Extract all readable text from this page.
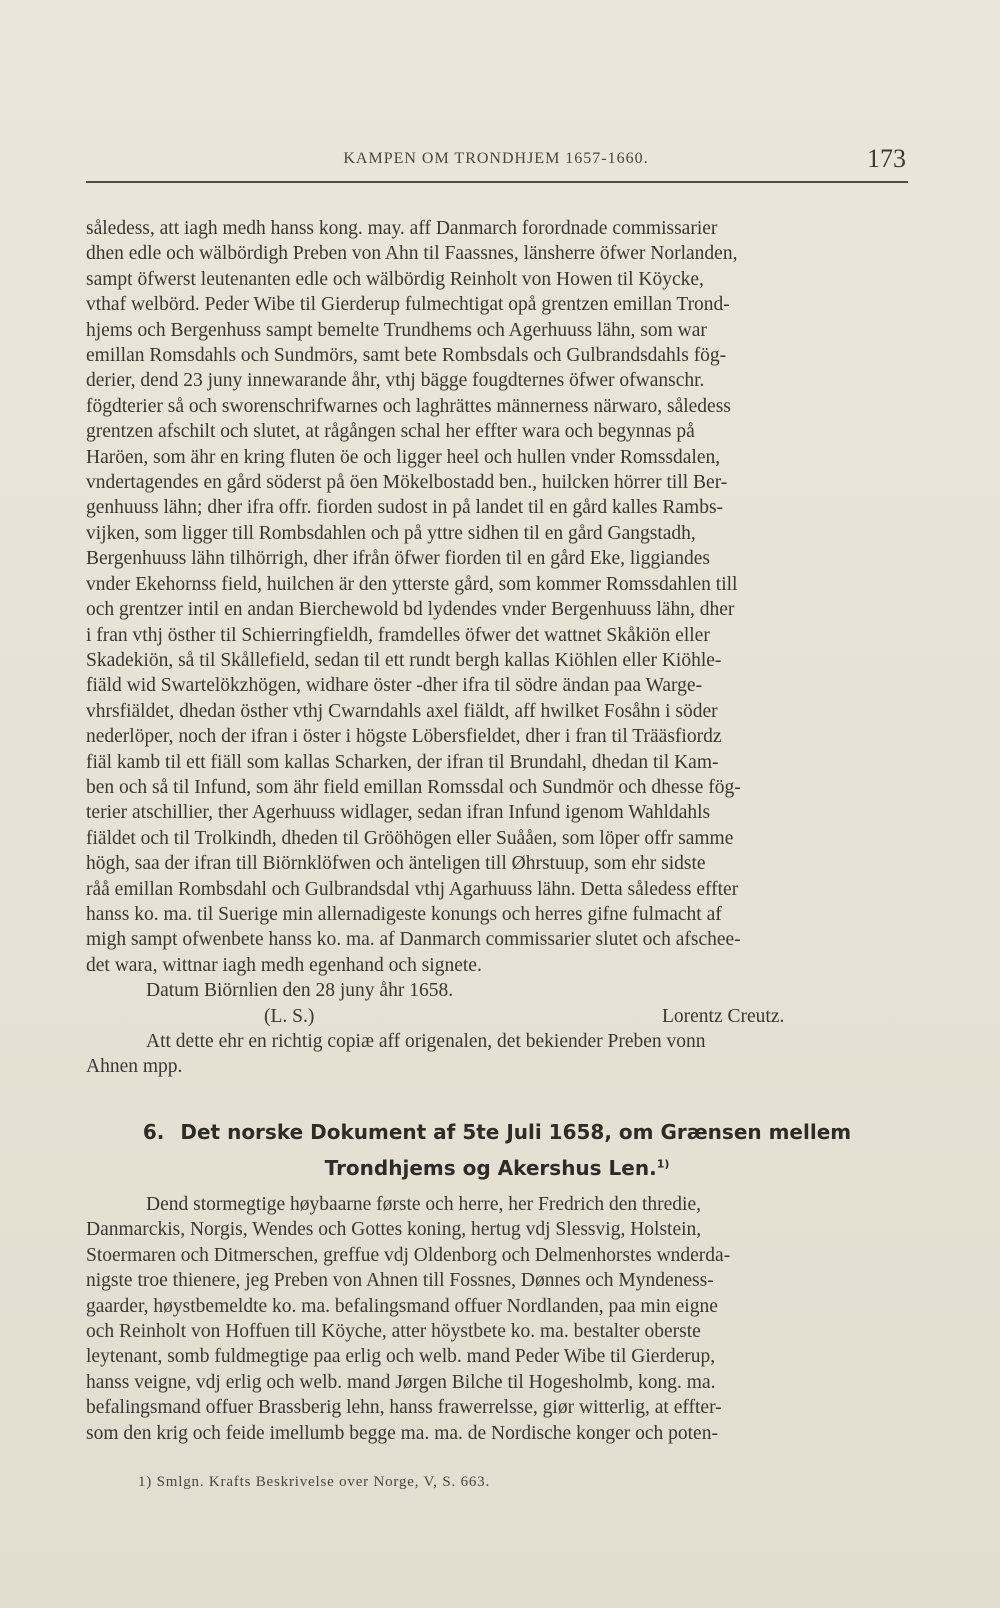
KAMPEN OM TRONDHJEM 1657-1660.	173

såledess, att iagh medh hanss kong. may. aff Danmarch forordnade commissarier
dhen edle och wälbördigh Preben von Ahn til Faassnes, länsherre öfwer Norlanden,
sampt öfwerst leutenanten edle och wälbördig Reinholt von Howen til Köycke,
vthaf welbörd. Peder Wibe til Gierderup fulmechtigat opå grentzen emillan Trond-
hjems och Bergenhuss sampt bemelte Trundhems och Agerhuuss lähn, som war
emillan Romsdahls och Sundmörs, samt bete Rombsdals och Gulbrandsdahls fög-
derier, dend 23 juny innewarande åhr, vthj bägge fougdternes öfwer ofwanschr.
fögdterier så och sworenschrifwarnes och laghrättes männerness närwaro, såledess
grentzen afschilt och slutet, at rågången schal her effter wara och begynnas på
Haröen, som ähr en kring fluten öe och ligger heel och hullen vnder Romssdalen,
vndertagendes en gård söderst på öen Mökelbostadd ben., huilcken hörrer till Ber-
genhuuss lähn; dher ifra offr. fiorden sudost in på landet til en gård kalles Rambs-
vijken, som ligger till Rombsdahlen och på yttre sidhen til en gård Gangstadh,
Bergenhuuss lähn tilhörrigh, dher ifrån öfwer fiorden til en gård Eke, liggiandes
vnder Ekehornss field, huilchen är den ytterste gård, som kommer Romssdahlen till
och grentzer intil en andan Bierchewold bd lydendes vnder Bergenhuuss lähn, dher
i fran vthj östher til Schierringfieldh, framdelles öfwer det wattnet Skåkiön eller
Skadekiön, så til Skållefield, sedan til ett rundt bergh kallas Kiöhlen eller Kiöhle-
fiäld wid Swartelökzhögen, widhare öster -dher ifra til södre ändan paa Warge-
vhrsfiäldet, dhedan östher vthj Cwarndahls axel fiäldt, aff hwilket Fosåhn i söder
nederlöper, noch der ifran i öster i högste Löbersfieldet, dher i fran til Trääsfiordz
fiäl kamb til ett fiäll som kallas Scharken, der ifran til Brundahl, dhedan til Kam-
ben och så til Infund, som ähr field emillan Romssdal och Sundmör och dhesse fög-
terier atschillier, ther Agerhuuss widlager, sedan ifran Infund igenom Wahldahls
fiäldet och til Trolkindh, dheden til Grööhögen eller Suååen, som löper offr samme
högh, saa der ifran till Biörnklöfwen och änteligen till Øhrstuup, som ehr sidste
råå emillan Rombsdahl och Gulbrandsdal vthj Agarhuuss lähn. Detta såledess effter
hanss ko. ma. til Suerige min allernadigeste konungs och herres gifne fulmacht af
migh sampt ofwenbete hanss ko. ma. af Danmarch commissarier slutet och afschee-
det wara, wittnar iagh medh egenhand och signete.
Datum Biörnlien den 28 juny åhr 1658.
(L. S.)	Lorentz Creutz.
Att dette ehr en richtig copiæ aff origenalen, det bekiender Preben vonn
Ahnen mpp.

6. Det norske Dokument af 5te Juli 1658, om Grænsen mellem
Trondhjems og Akershus Len.$^{1)}$

Dend stormegtige høybaarne første och herre, her Fredrich den thredie,
Danmarckis, Norgis, Wendes och Gottes koning, hertug vdj Slessvig, Holstein,
Stoermaren och Ditmerschen, greffue vdj Oldenborg och Delmenhorstes wnderda-
nigste troe thienere, jeg Preben von Ahnen till Fossnes, Dønnes och Myndeness-
gaarder, høystbemeldte ko. ma. befalingsmand offuer Nordlanden, paa min eigne
och Reinholt von Hoffuen till Köyche, atter höystbete ko. ma. bestalter oberste
leytenant, somb fuldmegtige paa erlig och welb. mand Peder Wibe til Gierderup,
hanss veigne, vdj erlig och welb. mand Jørgen Bilche til Hogesholmb, kong. ma.
befalingsmand offuer Brassberig lehn, hanss frawerrelsse, giør witterlig, at effter-
som den krig och feide imellumb begge ma. ma. de Nordische konger och poten-

1) Smlgn. Krafts Beskrivelse over Norge, V, S. 663.
